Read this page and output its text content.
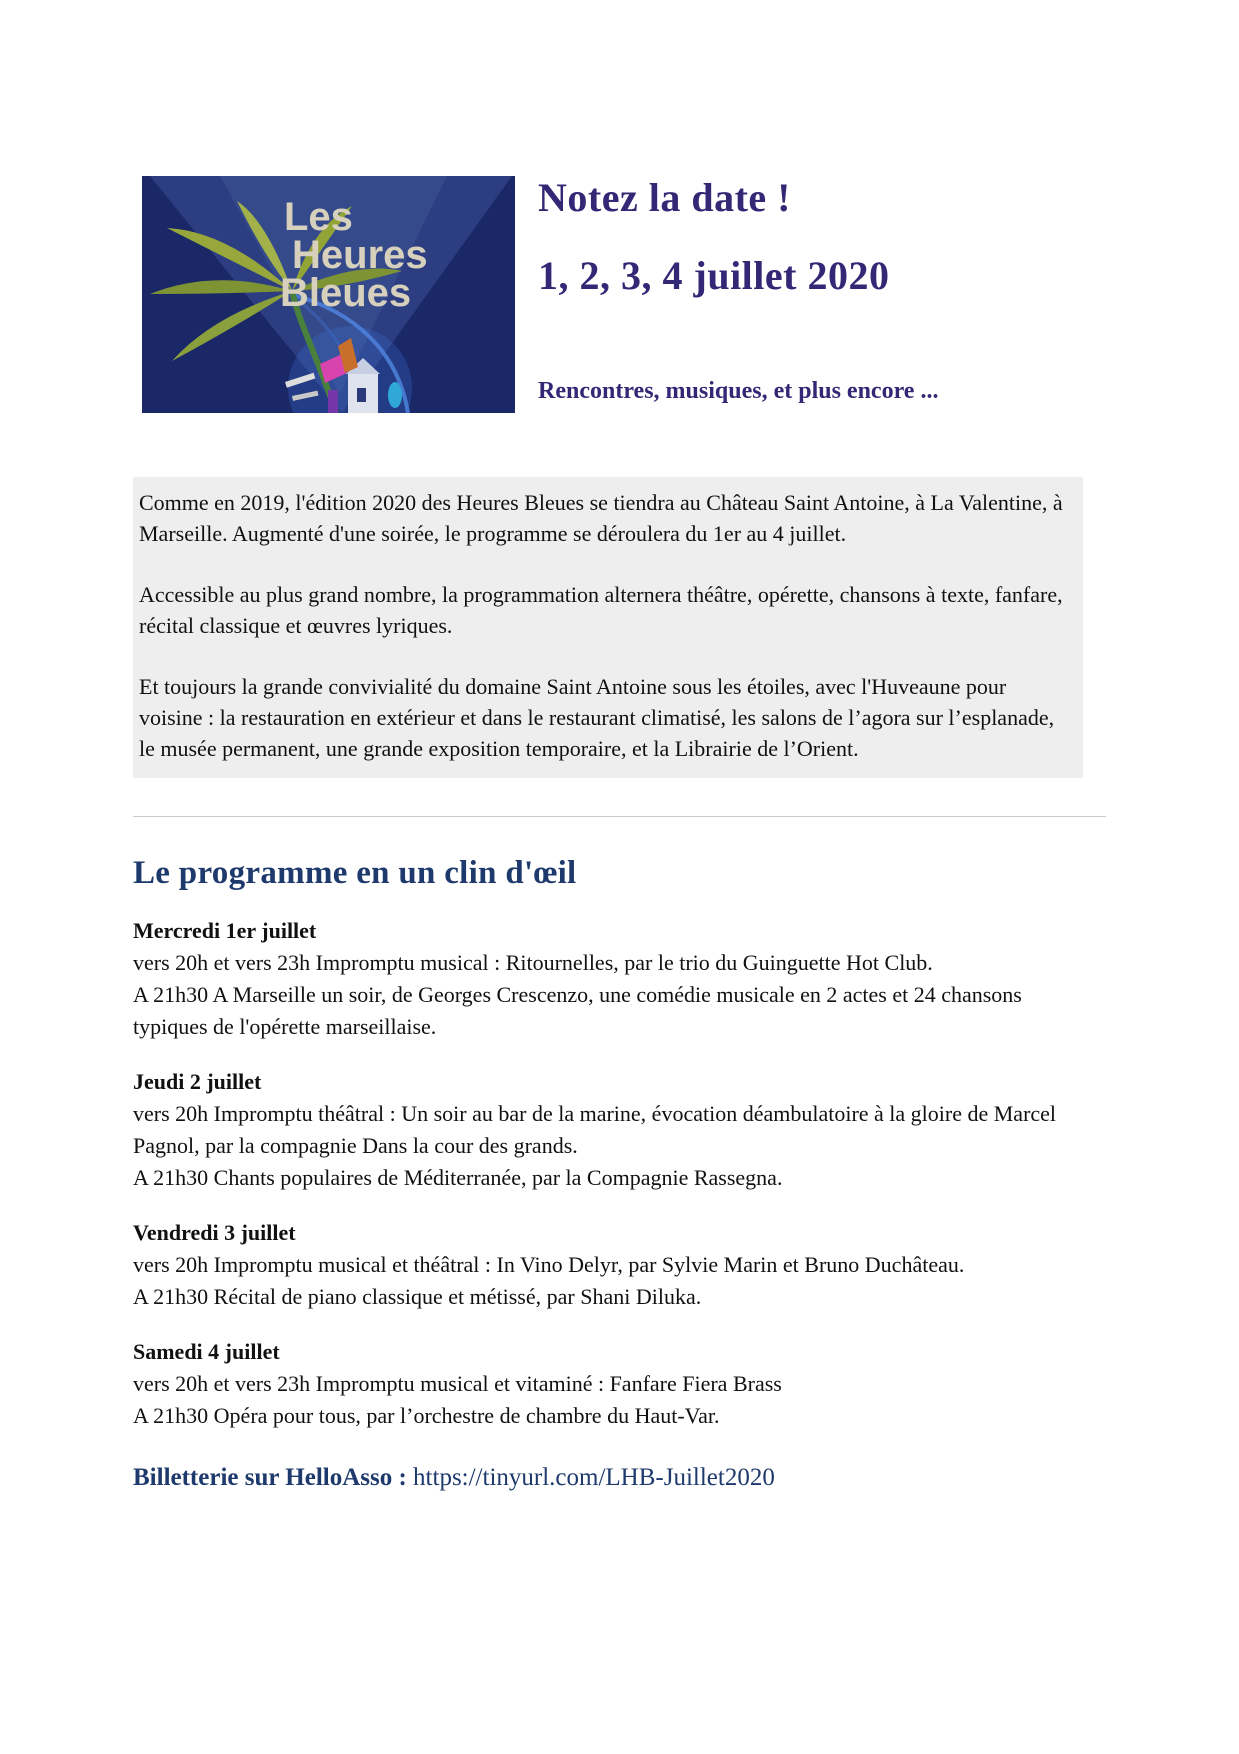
Les
Heures
Bleues
Notez la date !
1, 2, 3, 4 juillet 2020
Rencontres, musiques, et plus encore ...

Comme en 2019, l'édition 2020 des Heures Bleues se tiendra au Château Saint Antoine, à La Valentine, à Marseille. Augmenté d'une soirée, le programme se déroulera du 1er au 4 juillet.

Accessible au plus grand nombre, la programmation alternera théâtre, opérette, chansons à texte, fanfare, récital classique et œuvres lyriques.

Et toujours la grande convivialité du domaine Saint Antoine sous les étoiles, avec l'Huveaune pour voisine : la restauration en extérieur et dans le restaurant climatisé, les salons de l’agora sur l’esplanade, le musée permanent, une grande exposition temporaire, et la Librairie de l’Orient.

Le programme en un clin d'œil
Mercredi 1er juillet
vers 20h et vers 23h Impromptu musical : Ritournelles, par le trio du Guinguette Hot Club.
A 21h30 A Marseille un soir, de Georges Crescenzo, une comédie musicale en 2 actes et 24 chansons typiques de l'opérette marseillaise.
Jeudi 2 juillet
vers 20h Impromptu théâtral : Un soir au bar de la marine, évocation déambulatoire à la gloire de Marcel Pagnol, par la compagnie Dans la cour des grands.
A 21h30 Chants populaires de Méditerranée, par la Compagnie Rassegna.
Vendredi 3 juillet
vers 20h Impromptu musical et théâtral : In Vino Delyr, par Sylvie Marin et Bruno Duchâteau.
A 21h30 Récital de piano classique et métissé, par Shani Diluka.
Samedi 4 juillet
vers 20h et vers 23h Impromptu musical et vitaminé : Fanfare Fiera Brass
A 21h30 Opéra pour tous, par l’orchestre de chambre du Haut-Var.
Billetterie sur HelloAsso : https://tinyurl.com/LHB-Juillet2020
